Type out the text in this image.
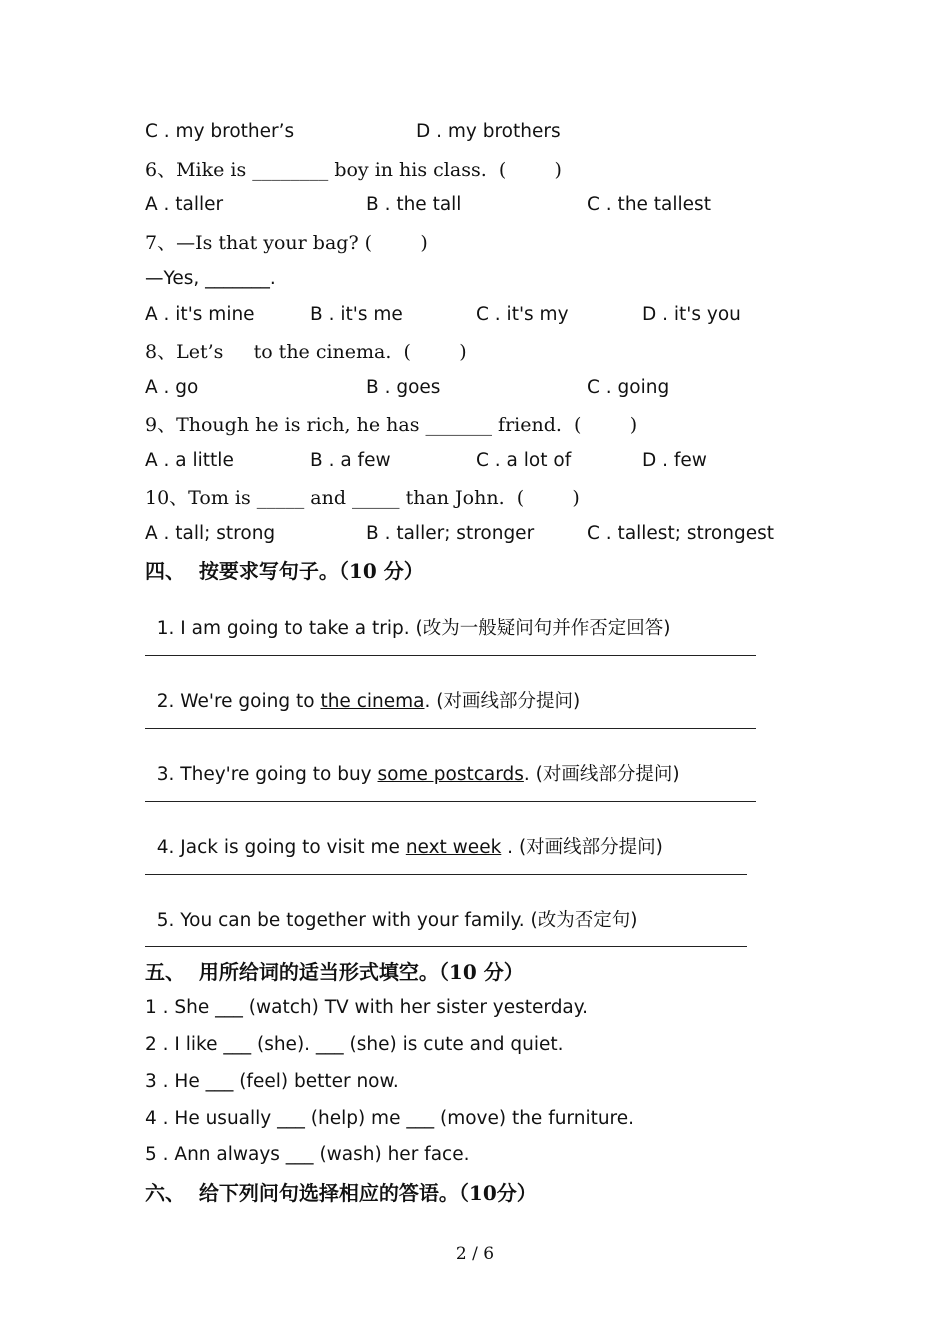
C . my brother’s	D . my brothers
6、Mike is ________ boy in his class.  (        )
A . taller	B . the tall	C . the tallest
7、—Is that your bag? (        )
—Yes, _______.
A . it's mine	B . it's me	C . it's my	D . it's you
8、Let’s     to the cinema.  (        )
A . go	B . goes	C . going
9、Though he is rich, he has _______ friend.  (        )
A . a little	B . a few	C . a lot of	D . few
10、Tom is _____ and _____ than John.  (        )
A . tall; strong	B . taller; stronger	C . tallest; strongest
四、  按要求写句子。（10 分）

1. I am going to take a trip. (改为一般疑问句并作否定回答)

2. We're going to the cinema. (对画线部分提问)

3. They're going to buy some postcards. (对画线部分提问)

4. Jack is going to visit me next week . (对画线部分提问)

5. You can be together with your family. (改为否定句)

五、  用所给词的适当形式填空。（10 分）
1 . She ___ (watch) TV with her sister yesterday.
2 . I like ___ (she). ___ (she) is cute and quiet.
3 . He ___ (feel) better now.
4 . He usually ___ (help) me ___ (move) the furniture.
5 . Ann always ___ (wash) her face.
六、  给下列问句选择相应的答语。（10分）
2 / 6
